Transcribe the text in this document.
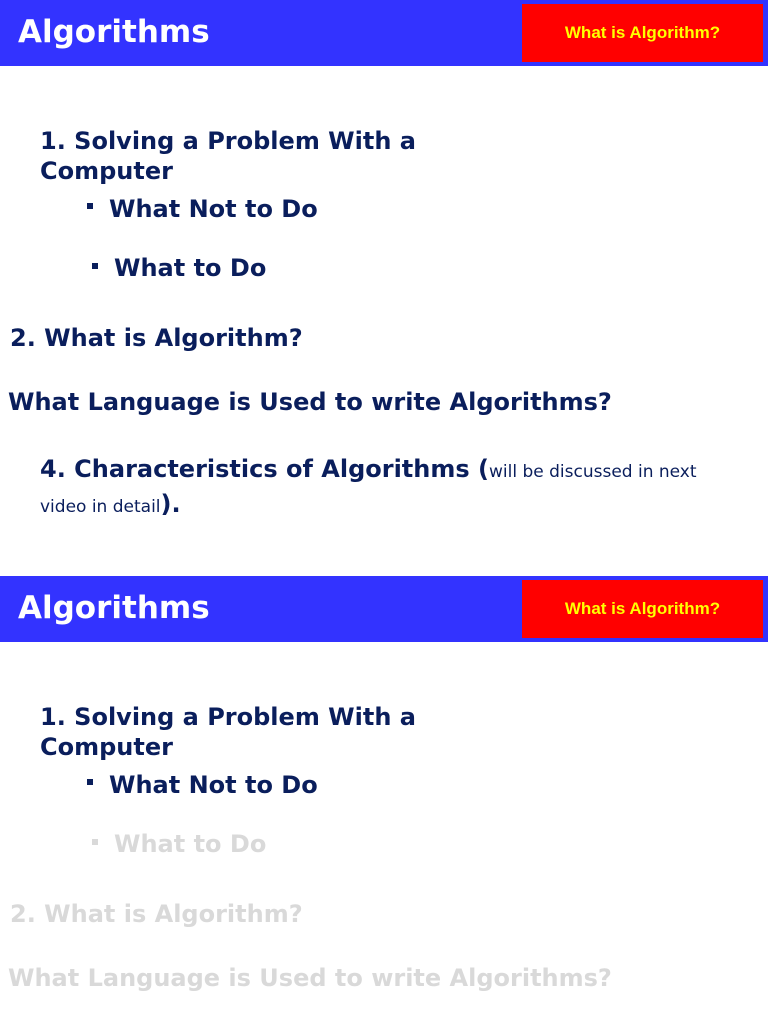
Algorithms	What is Algorithm?
1. Solving a Problem With a
Computer
What Not to Do
What to Do
2. What is Algorithm?
What Language is Used to write Algorithms?
4. Characteristics of Algorithms (will be discussed in next
video in detail).
Algorithms	What is Algorithm?
1. Solving a Problem With a
Computer
What Not to Do
What to Do
2. What is Algorithm?
What Language is Used to write Algorithms?
